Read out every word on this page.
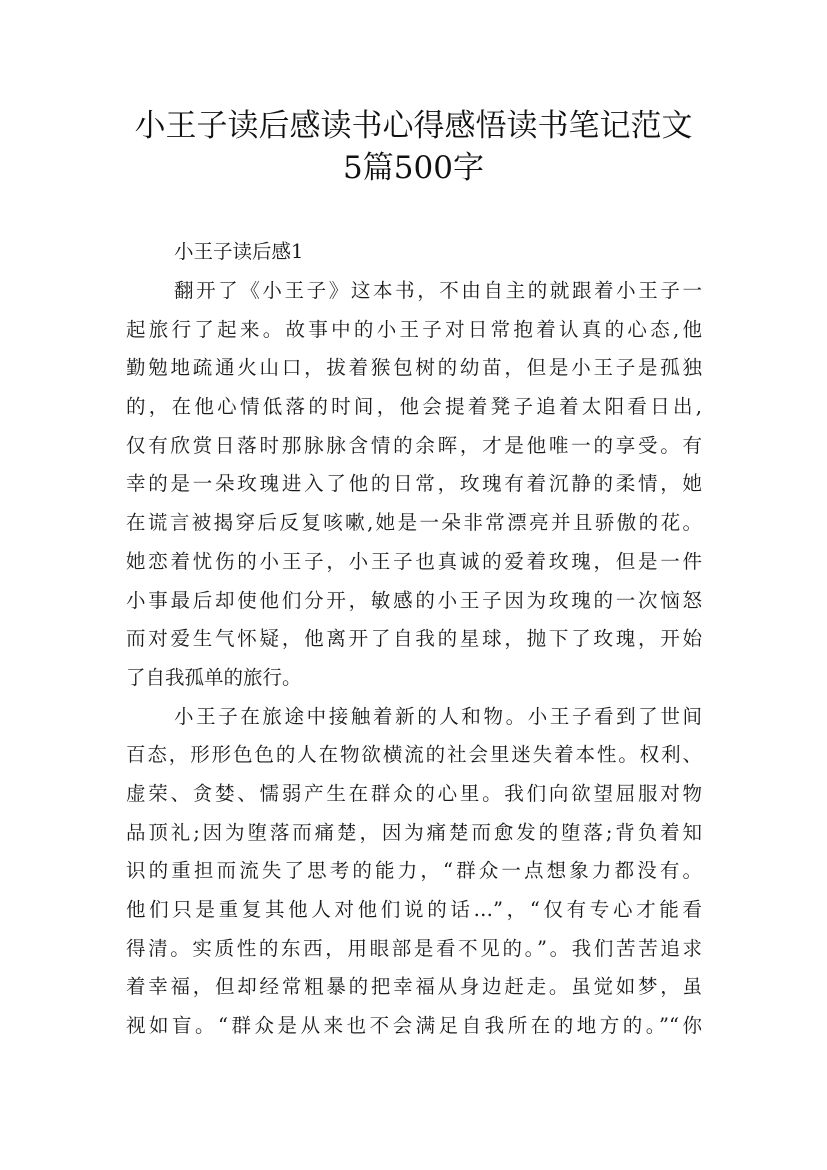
小王子读后感读书心得感悟读书笔记范文
5篇500字

小王子读后感1

翻开了《小王子》这本书，不由自主的就跟着小王子一
起旅行了起来。故事中的小王子对日常抱着认真的心态,他
勤勉地疏通火山口，拔着猴包树的幼苗，但是小王子是孤独
的，在他心情低落的时间，他会提着凳子追着太阳看日出,
仅有欣赏日落时那脉脉含情的余晖，才是他唯一的享受。有
幸的是一朵玫瑰进入了他的日常，玫瑰有着沉静的柔情，她
在谎言被揭穿后反复咳嗽,她是一朵非常漂亮并且骄傲的花。
她恋着忧伤的小王子，小王子也真诚的爱着玫瑰，但是一件
小事最后却使他们分开，敏感的小王子因为玫瑰的一次恼怒
而对爱生气怀疑，他离开了自我的星球，抛下了玫瑰，开始
了自我孤单的旅行。

小王子在旅途中接触着新的人和物。小王子看到了世间
百态，形形色色的人在物欲横流的社会里迷失着本性。权利、
虚荣、贪婪、懦弱产生在群众的心里。我们向欲望屈服对物
品顶礼;因为堕落而痛楚，因为痛楚而愈发的堕落;背负着知
识的重担而流失了思考的能力，“群众一点想象力都没有。
他们只是重复其他人对他们说的话…”，“仅有专心才能看
得清。实质性的东西，用眼部是看不见的。”。我们苦苦追求
着幸福，但却经常粗暴的把幸福从身边赶走。虽觉如梦，虽
视如盲。“群众是从来也不会满足自我所在的地方的。”“你
